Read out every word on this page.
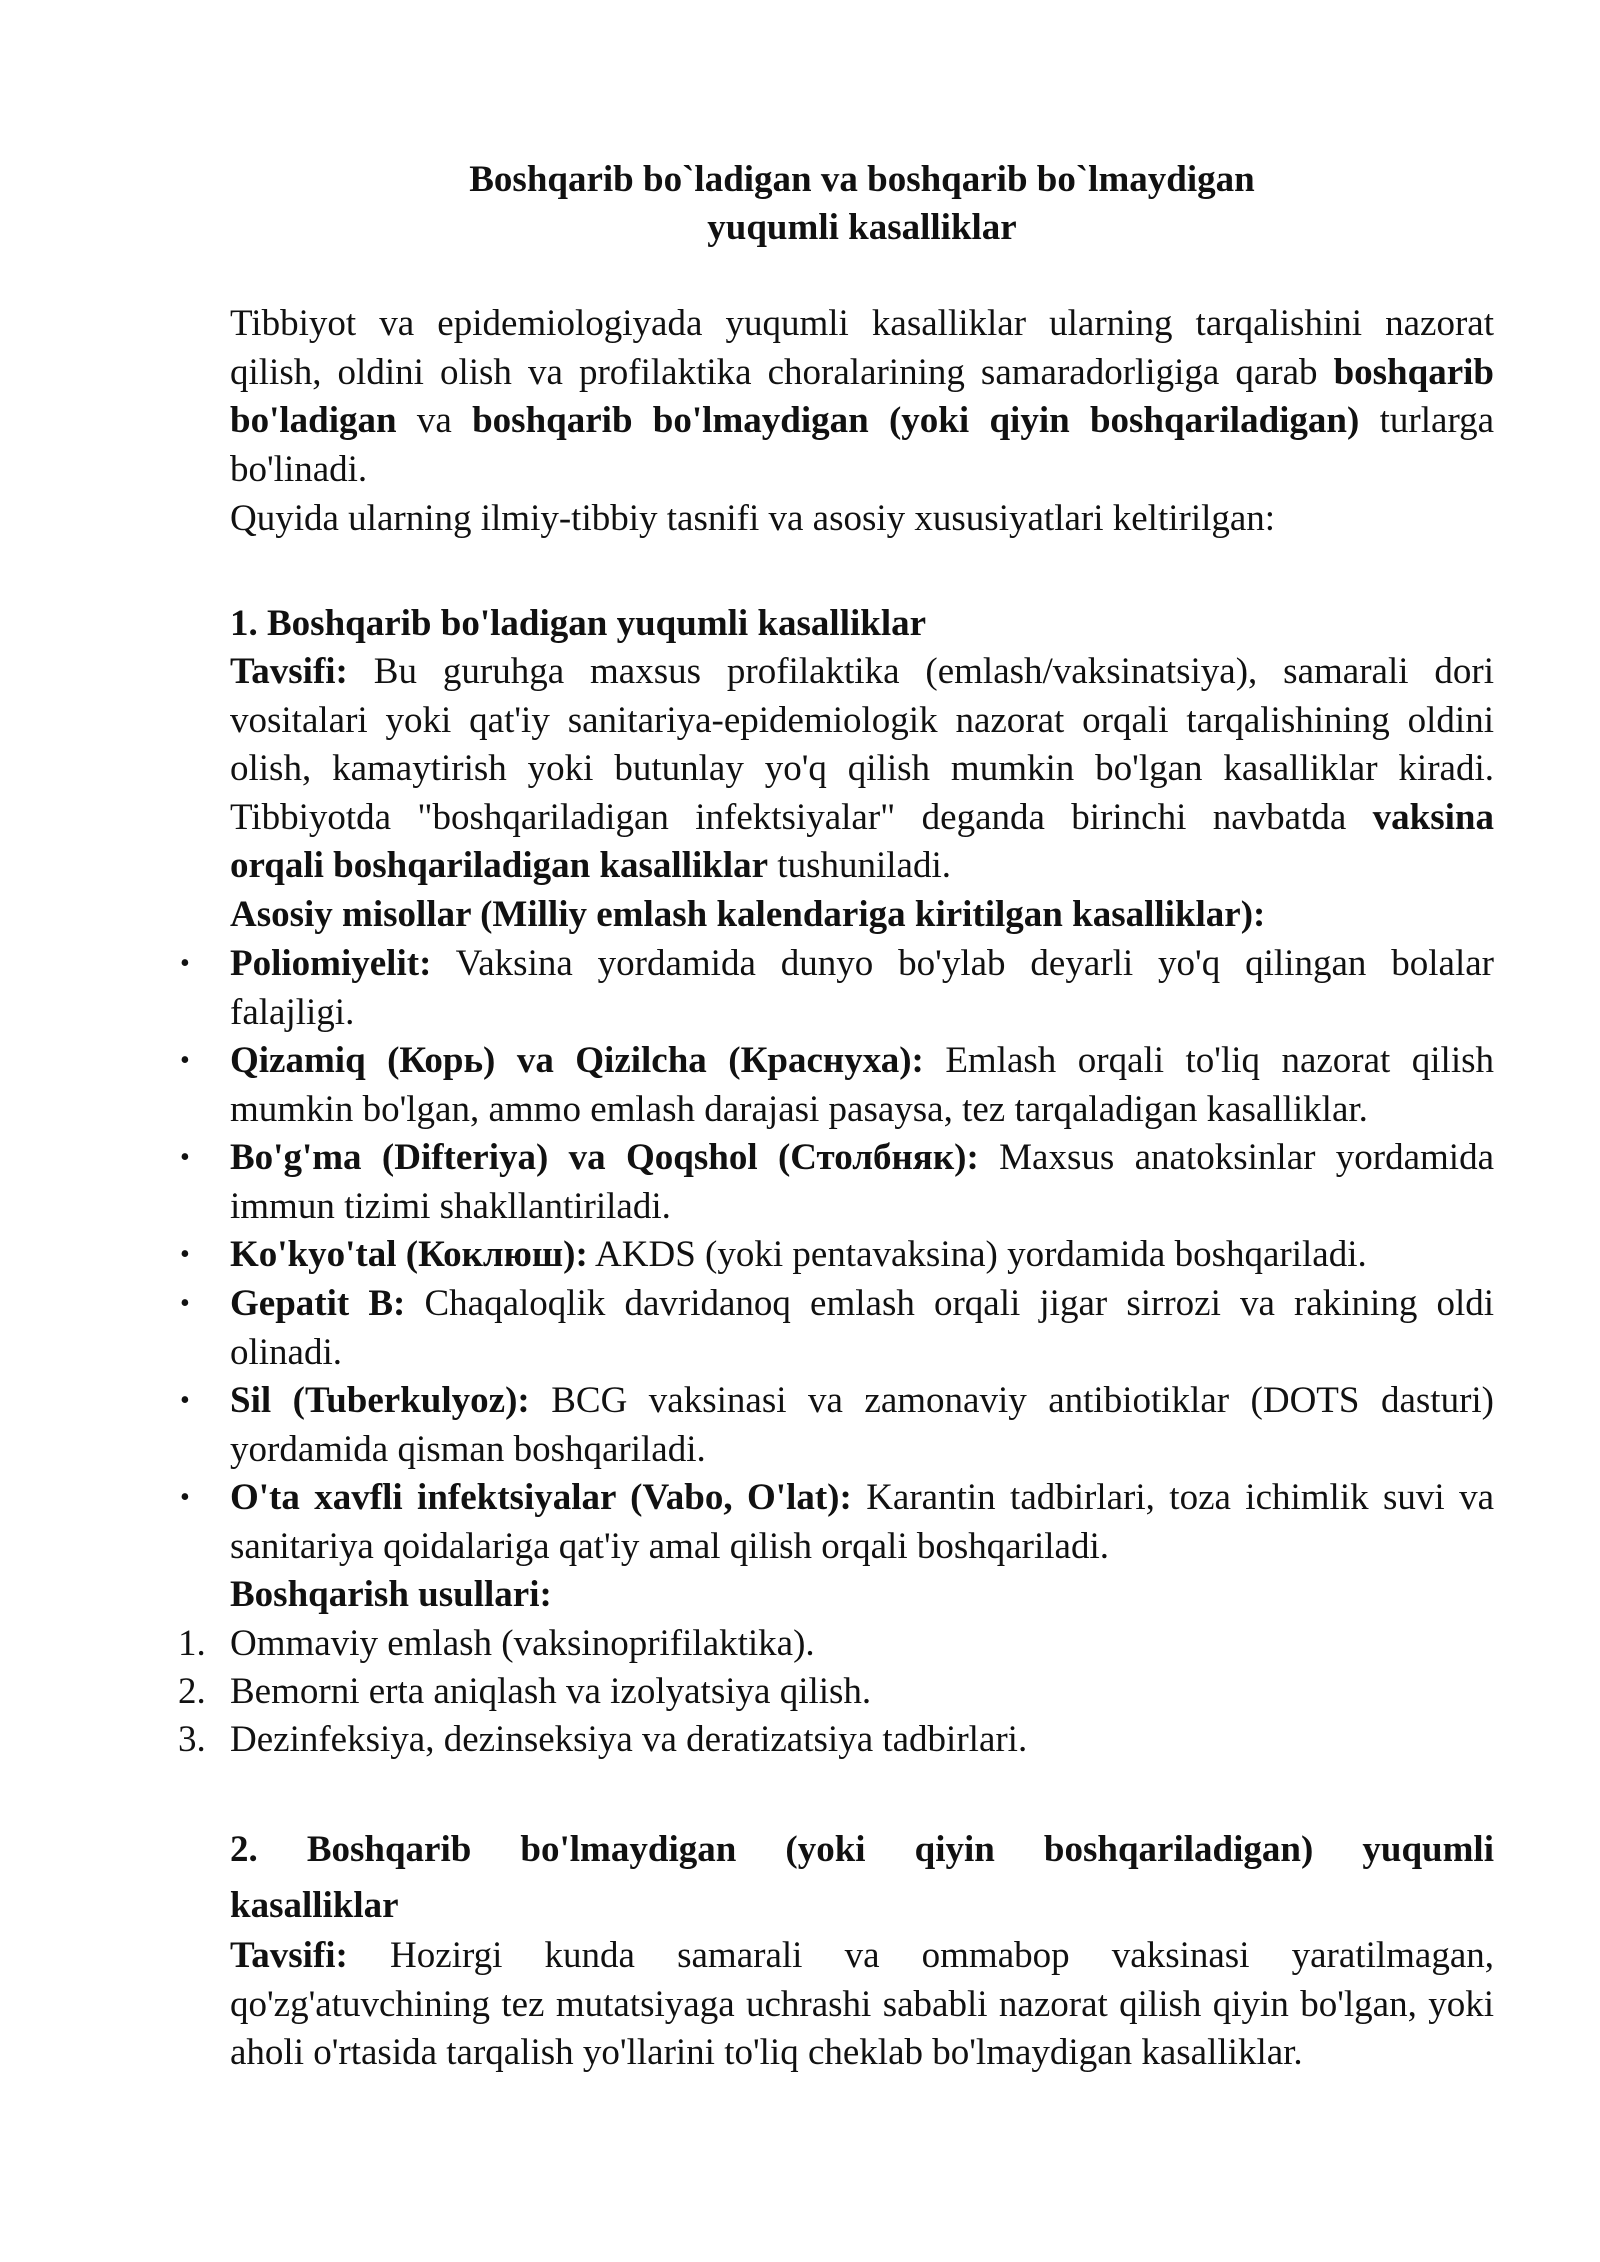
Boshqarib bo`ladigan va boshqarib bo`lmaydigan
yuqumli kasalliklar
Tibbiyot va epidemiologiyada yuqumli kasalliklar ularning tarqalishini nazorat qilish, oldini olish va profilaktika choralarining samaradorligiga qarab boshqarib bo'ladigan va boshqarib bo'lmaydigan (yoki qiyin boshqariladigan) turlarga bo'linadi.
Quyida ularning ilmiy-tibbiy tasnifi va asosiy xususiyatlari keltirilgan:
1. Boshqarib bo'ladigan yuqumli kasalliklar
Tavsifi: Bu guruhga maxsus profilaktika (emlash/vaksinatsiya), samarali dori vositalari yoki qat'iy sanitariya-epidemiologik nazorat orqali tarqalishining oldini olish, kamaytirish yoki butunlay yo'q qilish mumkin bo'lgan kasalliklar kiradi. Tibbiyotda "boshqariladigan infektsiyalar" deganda birinchi navbatda vaksina orqali boshqariladigan kasalliklar tushuniladi.
Asosiy misollar (Milliy emlash kalendariga kiritilgan kasalliklar):
• Poliomiyelit: Vaksina yordamida dunyo bo'ylab deyarli yo'q qilingan bolalar falajligi.
• Qizamiq (Корь) va Qizilcha (Краснуха): Emlash orqali to'liq nazorat qilish mumkin bo'lgan, ammo emlash darajasi pasaysa, tez tarqaladigan kasalliklar.
• Bo'g'ma (Difteriya) va Qoqshol (Столбняк): Maxsus anatoksinlar yordamida immun tizimi shakllantiriladi.
• Ko'kyo'tal (Коклюш): AKDS (yoki pentavaksina) yordamida boshqariladi.
• Gepatit B: Chaqaloqlik davridanoq emlash orqali jigar sirrozi va rakining oldi olinadi.
• Sil (Tuberkulyoz): BCG vaksinasi va zamonaviy antibiotiklar (DOTS dasturi) yordamida qisman boshqariladi.
• O'ta xavfli infektsiyalar (Vabo, O'lat): Karantin tadbirlari, toza ichimlik suvi va sanitariya qoidalariga qat'iy amal qilish orqali boshqariladi.
Boshqarish usullari:
1. Ommaviy emlash (vaksinoprifilaktika).
2. Bemorni erta aniqlash va izolyatsiya qilish.
3. Dezinfeksiya, dezinseksiya va deratizatsiya tadbirlari.
2. Boshqarib bo'lmaydigan (yoki qiyin boshqariladigan) yuqumli
kasalliklar
Tavsifi: Hozirgi kunda samarali va ommabop vaksinasi yaratilmagan, qo'zg'atuvchining tez mutatsiyaga uchrashi sababli nazorat qilish qiyin bo'lgan, yoki aholi o'rtasida tarqalish yo'llarini to'liq cheklab bo'lmaydigan kasalliklar.
